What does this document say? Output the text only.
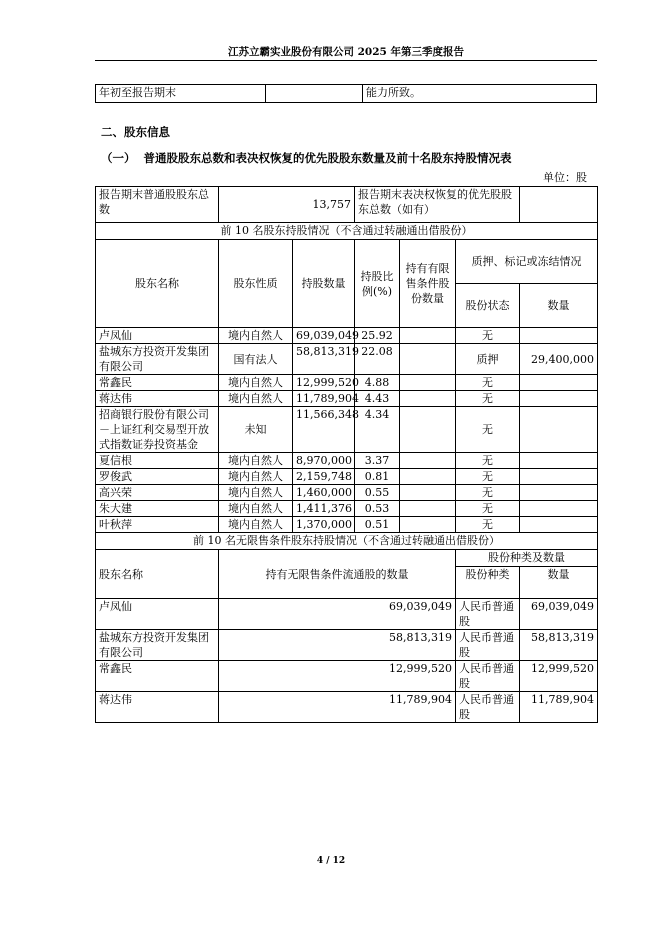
江苏立霸实业股份有限公司 2025 年第三季度报告
年初至报告期末		能力所致。
二、股东信息
（一） 普通股股东总数和表决权恢复的优先股股东数量及前十名股东持股情况表
单位：股
报告期末普通股股东总数	13,757		报告期末表决权恢复的优先股股东总数（如有）			
前 10 名股东持股情况（不含通过转融通出借股份）						
股东名称	股东性质	持股数量	持股比例(%)	持有有限售条件股份数量	质押、标记或冻结情况	
					股份状态	数量
卢凤仙	境内自然人	69,039,049	25.92		无	
盐城东方投资开发集团有限公司	国有法人	58,813,319	22.08		质押	29,400,000
常鑫民	境内自然人	12,999,520	4.88		无	
蒋达伟	境内自然人	11,789,904	4.43		无	
招商银行股份有限公司－上证红利交易型开放式指数证券投资基金	未知	11,566,348	4.34		无	
夏信根	境内自然人	8,970,000	3.37		无	
罗俊武	境内自然人	2,159,748	0.81		无	
高兴荣	境内自然人	1,460,000	0.55		无	
朱大建	境内自然人	1,411,376	0.53		无	
叶秋萍	境内自然人	1,370,000	0.51		无	
前 10 名无限售条件股东持股情况（不含通过转融通出借股份）						
股东名称	持有无限售条件流通股的数量				股份种类及数量	
					股份种类	数量
卢凤仙	69,039,049				人民币普通股	69,039,049
盐城东方投资开发集团有限公司	58,813,319				人民币普通股	58,813,319
常鑫民	12,999,520				人民币普通股	12,999,520
蒋达伟	11,789,904				人民币普通股	11,789,904
4 / 12
